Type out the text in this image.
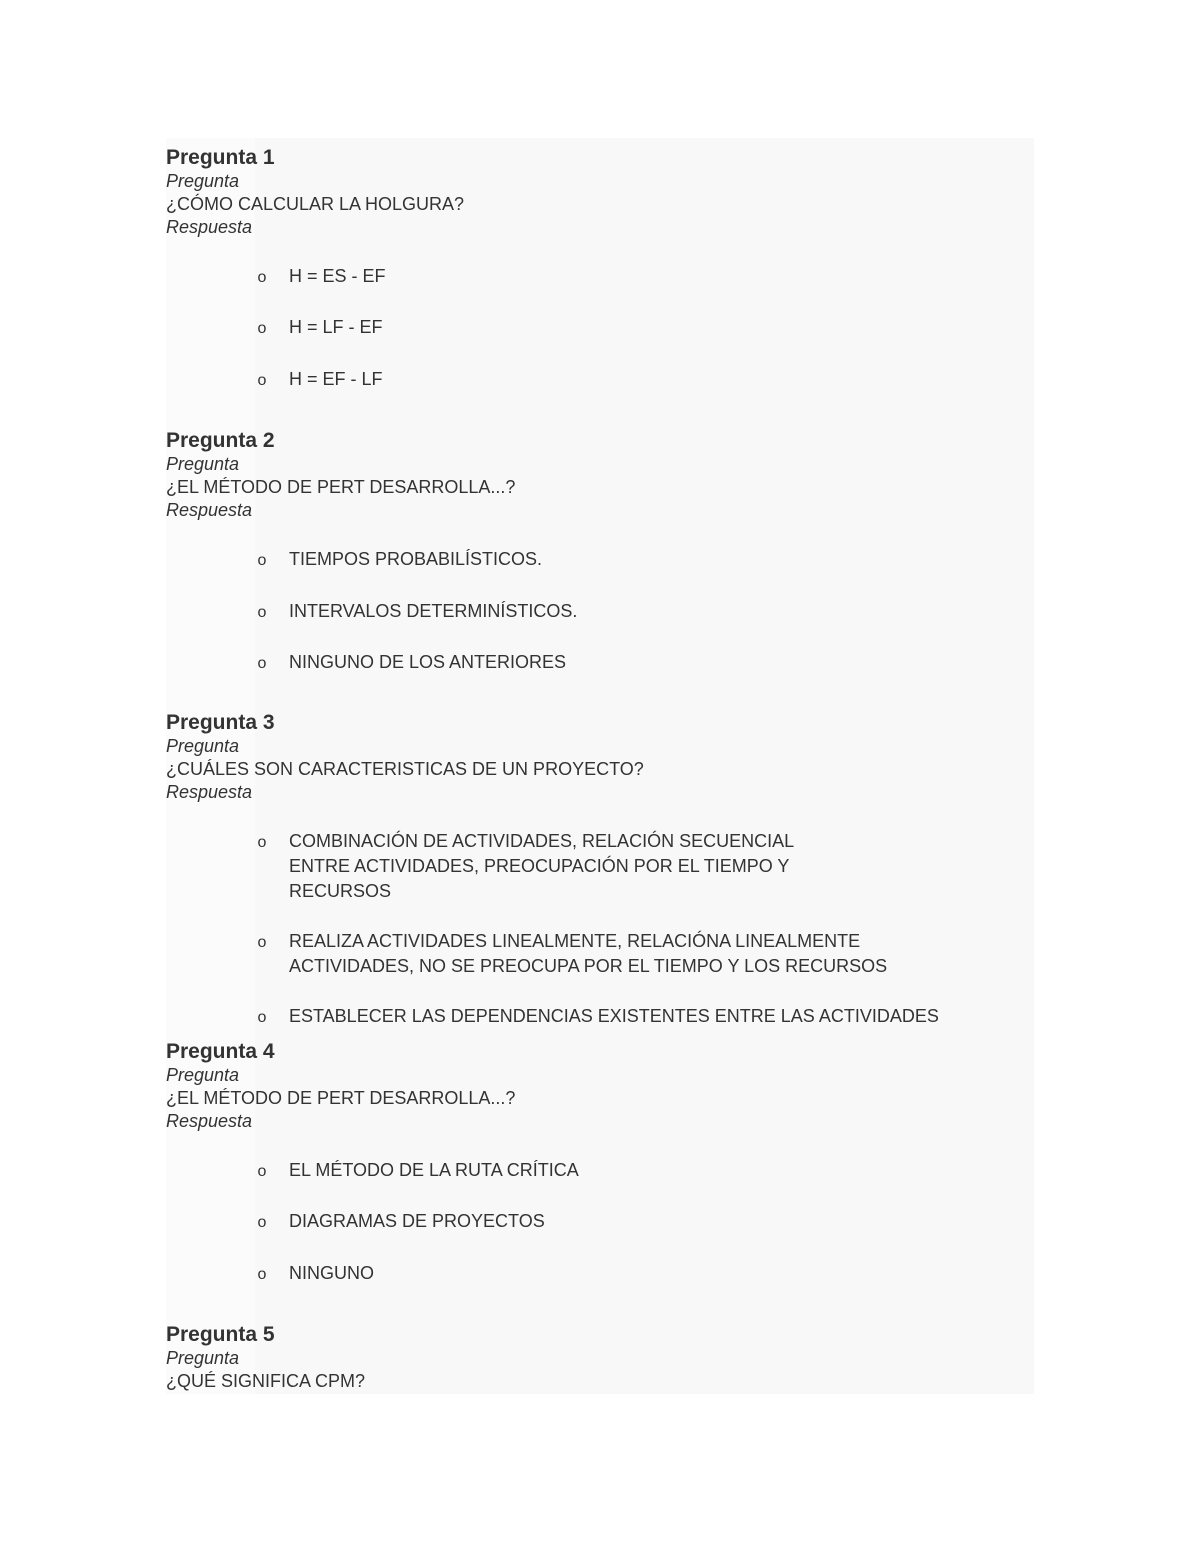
Pregunta 1
Pregunta
¿CÓMO CALCULAR LA HOLGURA?
Respuesta
o H = ES - EF
o H = LF - EF
o H = EF - LF
Pregunta 2
Pregunta
¿EL MÉTODO DE PERT DESARROLLA...?
Respuesta
o TIEMPOS PROBABILÍSTICOS.
o INTERVALOS DETERMINÍSTICOS.
o NINGUNO DE LOS ANTERIORES
Pregunta 3
Pregunta
¿CUÁLES SON CARACTERISTICAS DE UN PROYECTO?
Respuesta
o COMBINACIÓN DE ACTIVIDADES, RELACIÓN SECUENCIAL ENTRE ACTIVIDADES, PREOCUPACIÓN POR EL TIEMPO Y RECURSOS
o REALIZA ACTIVIDADES LINEALMENTE, RELACIÓNA LINEALMENTE ACTIVIDADES, NO SE PREOCUPA POR EL TIEMPO Y LOS RECURSOS
o ESTABLECER LAS DEPENDENCIAS EXISTENTES ENTRE LAS ACTIVIDADES
Pregunta 4
Pregunta
¿EL MÉTODO DE PERT DESARROLLA...?
Respuesta
o EL MÉTODO DE LA RUTA CRÍTICA
o DIAGRAMAS DE PROYECTOS
o NINGUNO
Pregunta 5
Pregunta
¿QUÉ SIGNIFICA CPM?
